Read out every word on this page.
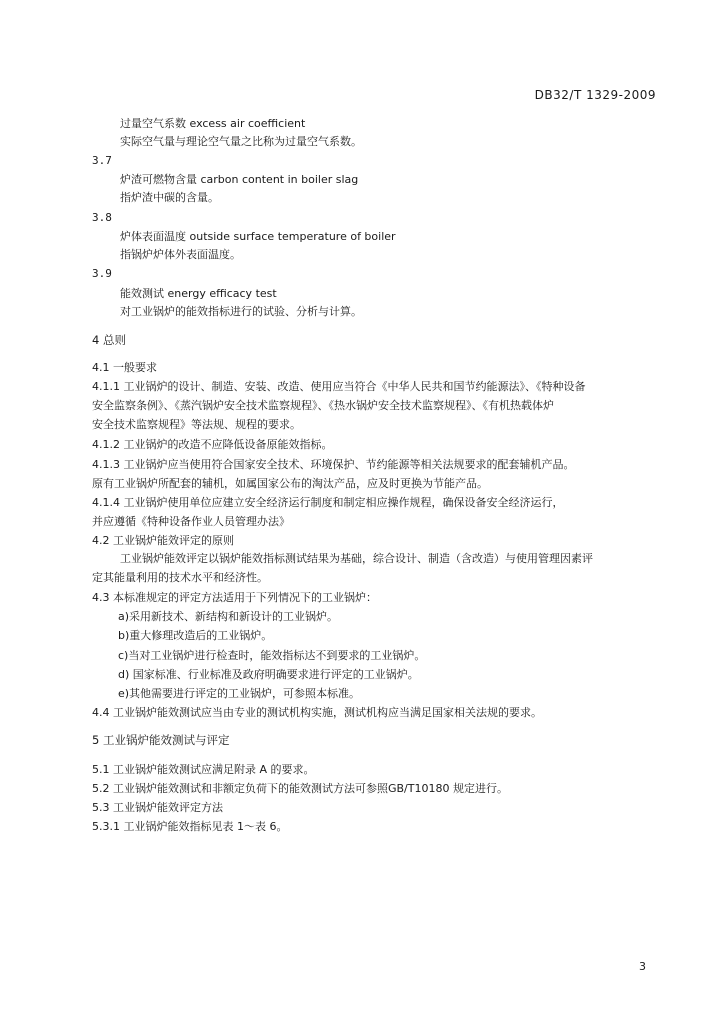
DB32/T 1329-2009
过量空气系数 excess air coefficient
实际空气量与理论空气量之比称为过量空气系数。
3.7
炉渣可燃物含量 carbon content in boiler slag
指炉渣中碳的含量。
3.8
炉体表面温度 outside surface temperature of boiler
指锅炉炉体外表面温度。
3.9
能效测试 energy efficacy test
对工业锅炉的能效指标进行的试验、分析与计算。
4 总则
4.1 一般要求
4.1.1 工业锅炉的设计、制造、安装、改造、使用应当符合《中华人民共和国节约能源法》、《特种设备
安全监察条例》、《蒸汽锅炉安全技术监察规程》、《热水锅炉安全技术监察规程》、《有机热载体炉
安全技术监察规程》等法规、规程的要求。
4.1.2 工业锅炉的改造不应降低设备原能效指标。
4.1.3 工业锅炉应当使用符合国家安全技术、环境保护、节约能源等相关法规要求的配套辅机产品。
原有工业锅炉所配套的辅机，如属国家公布的淘汰产品，应及时更换为节能产品。
4.1.4 工业锅炉使用单位应建立安全经济运行制度和制定相应操作规程，确保设备安全经济运行，
并应遵循《特种设备作业人员管理办法》
4.2 工业锅炉能效评定的原则
工业锅炉能效评定以锅炉能效指标测试结果为基础，综合设计、制造（含改造）与使用管理因素评
定其能量利用的技术水平和经济性。
4.3 本标准规定的评定方法适用于下列情况下的工业锅炉：
a)采用新技术、新结构和新设计的工业锅炉。
b)重大修理改造后的工业锅炉。
c)当对工业锅炉进行检查时，能效指标达不到要求的工业锅炉。
d) 国家标准、行业标准及政府明确要求进行评定的工业锅炉。
e)其他需要进行评定的工业锅炉，可参照本标准。
4.4 工业锅炉能效测试应当由专业的测试机构实施，测试机构应当满足国家相关法规的要求。
5 工业锅炉能效测试与评定
5.1 工业锅炉能效测试应满足附录 A 的要求。
5.2 工业锅炉能效测试和非额定负荷下的能效测试方法可参照GB/T10180 规定进行。
5.3 工业锅炉能效评定方法
5.3.1 工业锅炉能效指标见表 1～表 6。
3
